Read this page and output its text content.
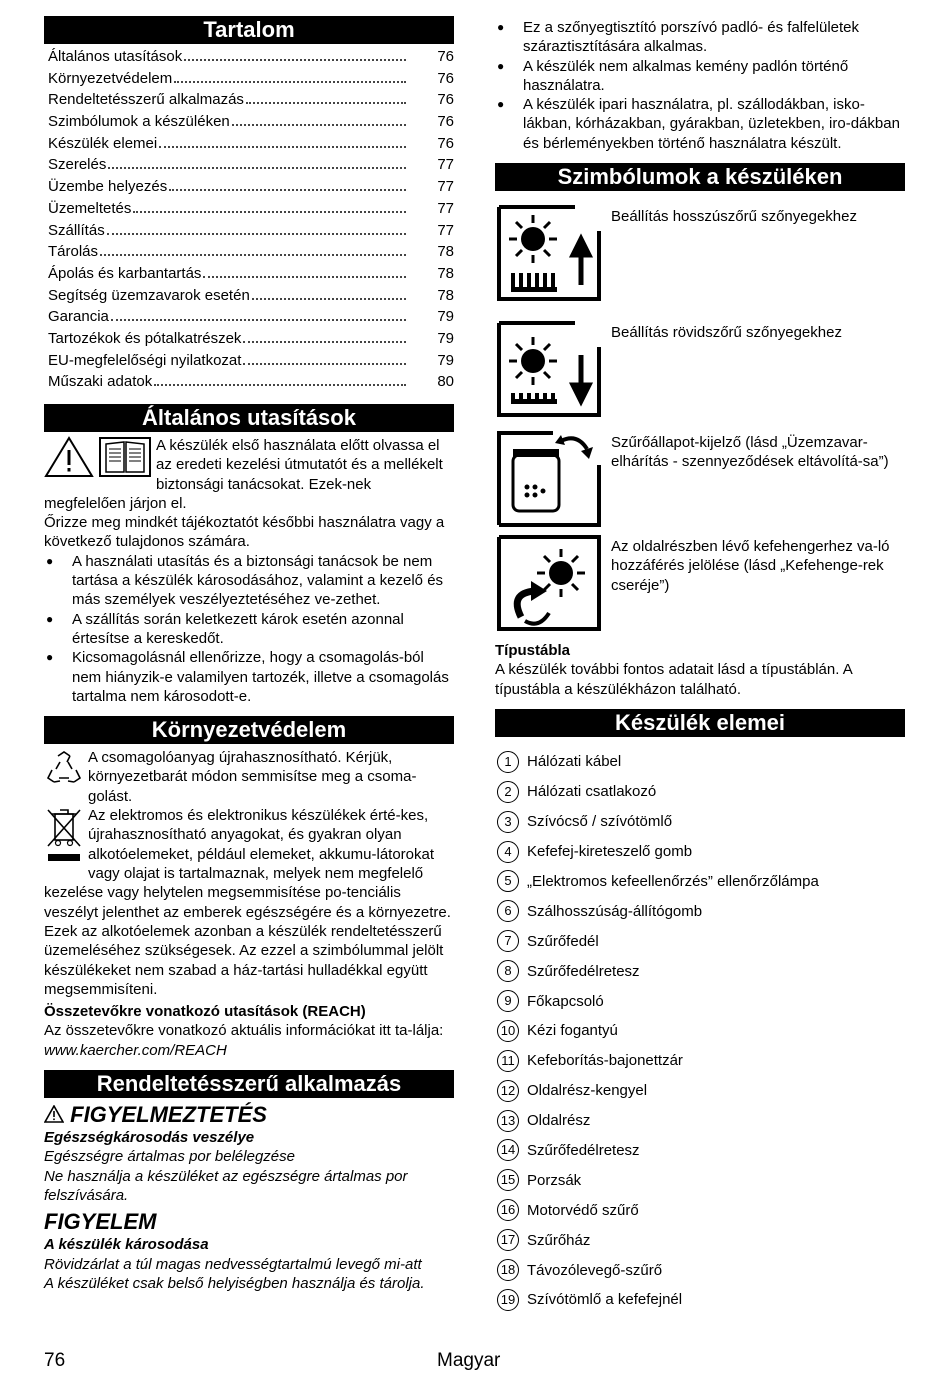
Tartalom
Általános utasítások	76
Környezetvédelem	76
Rendeltetésszerű alkalmazás	76
Szimbólumok a készüléken	76
Készülék elemei	76
Szerelés	77
Üzembe helyezés	77
Üzemeltetés	77
Szállítás	77
Tárolás	78
Ápolás és karbantartás	78
Segítség üzemzavarok esetén	78
Garancia	79
Tartozékok és pótalkatrészek	79
EU-megfelelőségi nyilatkozat	79
Műszaki adatok	80
Általános utasítások

A készülék első használata előtt olvassa el az eredeti kezelési útmutatót és a mellékelt biztonsági tanácsokat. Ezek-nek megfelelően járjon el.

Őrizze meg mindkét tájékoztatót későbbi használatra vagy a következő tulajdonos számára.

● A használati utasítás és a biztonsági tanácsok be nem tartása a készülék károsodásához, valamint a kezelő és más személyek veszélyeztetéséhez ve-zethet.
● A szállítás során keletkezett károk esetén azonnal értesítse a kereskedőt.
● Kicsomagolásnál ellenőrizze, hogy a csomagolás-ból nem hiányzik-e valamilyen tartozék, illetve a csomagolás tartalma nem károsodott-e.
Környezetvédelem

A csomagolóanyag újrahasznosítható. Kérjük, környezetbarát módon semmisítse meg a csoma-golást.

Az elektromos és elektronikus készülékek érté-kes, újrahasznosítható anyagokat, és gyakran olyan alkotóelemeket, például elemeket, akkumu-látorokat vagy olajat is tartalmaznak, melyek nem megfelelő kezelése vagy helytelen megsemmisítése po-tenciális veszélyt jelenthet az emberek egészségére és a környezetre. Ezek az alkotóelemek azonban a készülék rendeltetésszerű üzemeléséhez szükségesek. Az ezzel a szimbólummal jelölt készülékeket nem szabad a ház-tartási hulladékkal együtt megsemmisíteni.

Összetevőkre vonatkozó utasítások (REACH)

Az összetevőkre vonatkozó aktuális információkat itt ta-lálja: www.kaercher.com/REACH

Rendeltetésszerű alkalmazás
FIGYELMEZTETÉS

Egészségkárosodás veszélye

Egészségre ártalmas por belélegzése

Ne használja a készüléket az egészségre ártalmas por felszívására.

FIGYELEM

A készülék károsodása

Rövidzárlat a túl magas nedvességtartalmú levegő mi-att

A készüléket csak belső helyiségben használja és tárolja.

● Ez a szőnyegtisztító porszívó padló- és falfelületek száraztisztítására alkalmas.
● A készülék nem alkalmas kemény padlón történő használatra.
● A készülék ipari használatra, pl. szállodákban, isko-lákban, kórházakban, gyárakban, üzletekben, iro-dákban és bérleményekben történő használatra készült.
Szimbólumok a készüléken

Beállítás hosszúszőrű szőnyegekhez

Beállítás rövidszőrű szőnyegekhez

Szűrőállapot-kijelző (lásd „Üzemzavar-elhárítás - szennyeződések eltávolítá-sa”)

Az oldalrészben lévő kefehengerhez va-ló hozzáférés jelölése (lásd „Kefehenge-rek cseréje”)

Típustábla

A készülék további fontos adatait lásd a típustáblán. A típustábla a készülékházon található.

Készülék elemei
1	Hálózati kábel
2	Hálózati csatlakozó
3	Szívócső / szívótömlő
4	Kefefej-kireteszelő gomb
5	„Elektromos kefeellenőrzés” ellenőrzőlámpa
6	Szálhosszúság-állítógomb
7	Szűrőfedél
8	Szűrőfedélretesz
9	Főkapcsoló
10 Kézi fogantyú
11 Kefeborítás-bajonettzár
12 Oldalrész-kengyel
13 Oldalrész
14 Szűrőfedélretesz
15 Porzsák
16 Motorvédő szűrő
17 Szűrőház
18 Távozólevegő-szűrő
19 Szívótömlő a kefefejnél
76	Magyar
